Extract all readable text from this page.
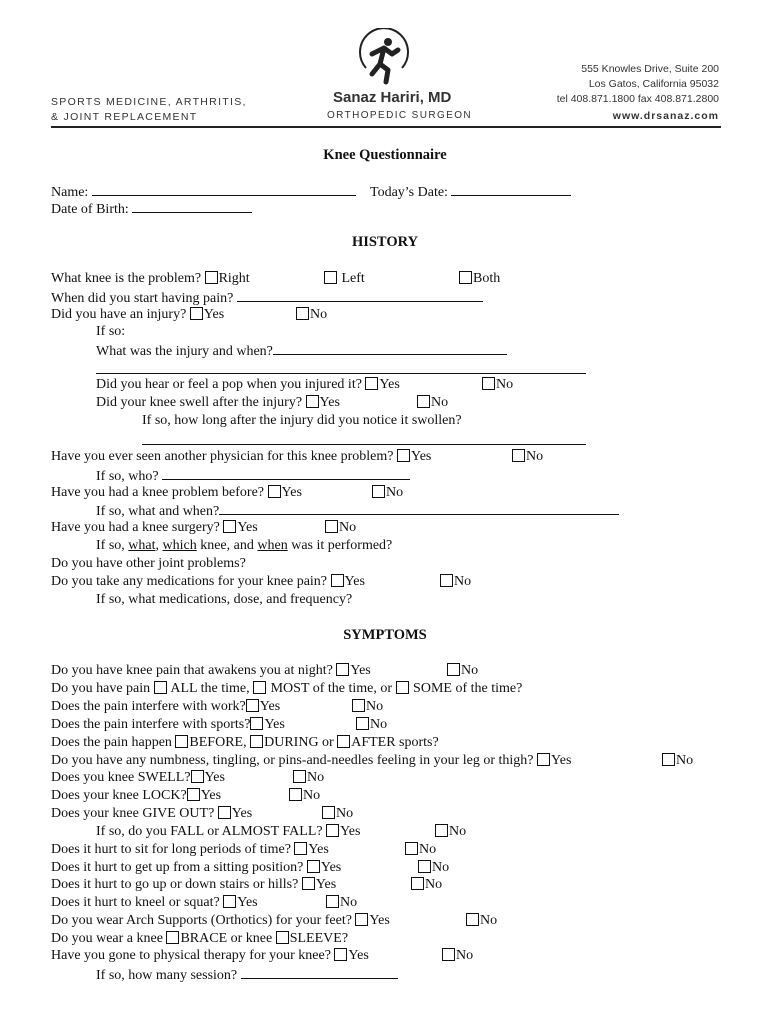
SPORTS MEDICINE, ARTHRITIS,
& JOINT REPLACEMENT
Sanaz Hariri, MD
ORTHOPEDIC SURGEON
555 Knowles Drive, Suite 200
Los Gatos, California 95032
tel 408.871.1800 fax 408.871.2800
www.drsanaz.com
Knee Questionnaire
Name:	Today’s Date:
Date of Birth:
HISTORY
What knee is the problem? Right	Left	Both
When did you start having pain?
Did you have an injury? Yes	No
If so:
What was the injury and when?
Did you hear or feel a pop when you injured it? Yes	No
Did your knee swell after the injury? Yes	No
If so, how long after the injury did you notice it swollen?
Have you ever seen another physician for this knee problem? Yes	No
If so, who?
Have you had a knee problem before? Yes	No
If so, what and when?
Have you had a knee surgery? Yes	No
If so, what, which knee, and when was it performed?
Do you have other joint problems?
Do you take any medications for your knee pain? Yes	No
If so, what medications, dose, and frequency?
SYMPTOMS
Do you have knee pain that awakens you at night? Yes	No
Do you have pain ALL the time, MOST of the time, or SOME of the time?
Does the pain interfere with work? Yes	No
Does the pain interfere with sports? Yes	No
Does the pain happen BEFORE, DURING or AFTER sports?
Do you have any numbness, tingling, or pins-and-needles feeling in your leg or thigh? Yes	No
Does you knee SWELL? Yes	No
Does your knee LOCK? Yes	No
Does your knee GIVE OUT? Yes	No
If so, do you FALL or ALMOST FALL? Yes	No
Does it hurt to sit for long periods of time? Yes	No
Does it hurt to get up from a sitting position? Yes	No
Does it hurt to go up or down stairs or hills? Yes	No
Does it hurt to kneel or squat? Yes	No
Do you wear Arch Supports (Orthotics) for your feet? Yes	No
Do you wear a knee BRACE or knee SLEEVE?
Have you gone to physical therapy for your knee? Yes	No
If so, how many session?
